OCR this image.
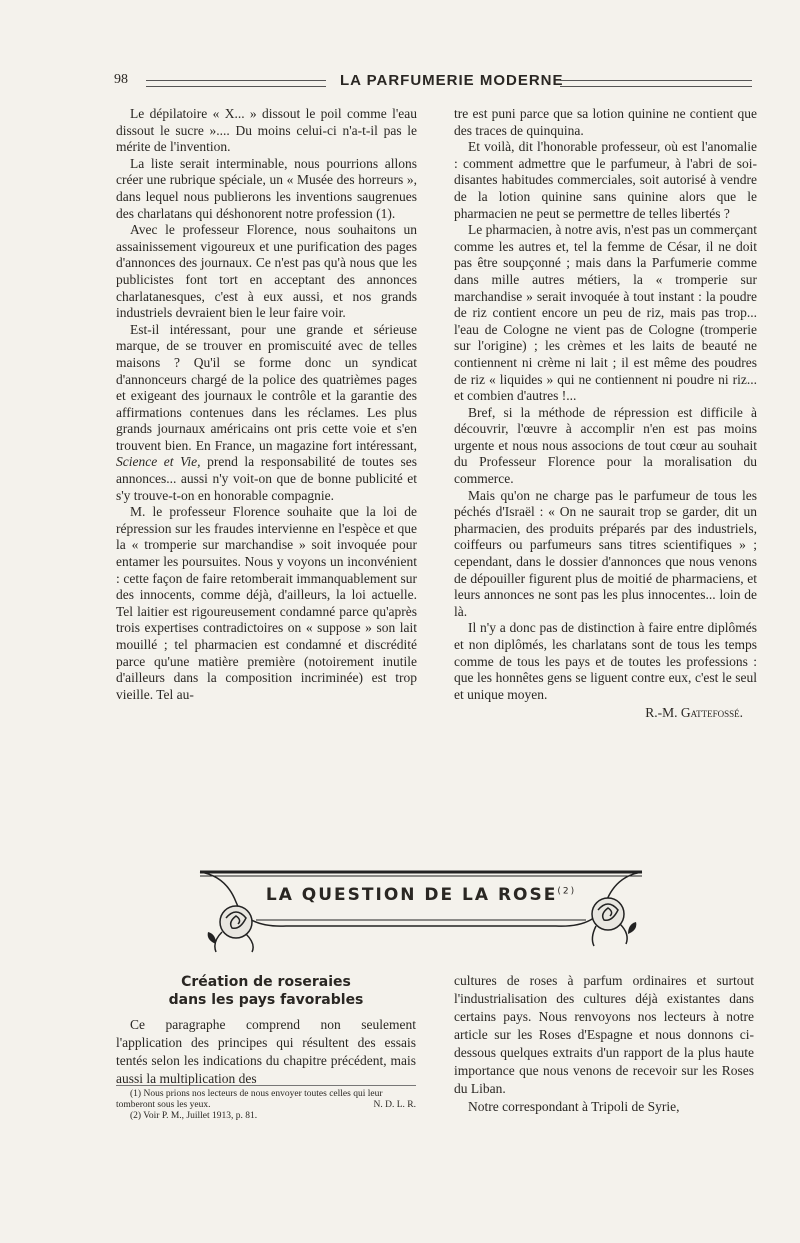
98	LA PARFUMERIE MODERNE

Le dépilatoire « X... » dissout le poil comme l'eau dissout le sucre ».... Du moins celui-ci n'a-t-il pas le mérite de l'invention.

La liste serait interminable, nous pourrions allons créer une rubrique spéciale, un « Musée des horreurs », dans lequel nous publierons les inventions saugrenues des charlatans qui déshonorent notre profession (1).

Avec le professeur Florence, nous souhaitons un assainissement vigoureux et une purification des pages d'annonces des journaux. Ce n'est pas qu'à nous que les publicistes font tort en acceptant des annonces charlatanesques, c'est à eux aussi, et nos grands industriels devraient bien le leur faire voir.

Est-il intéressant, pour une grande et sérieuse marque, de se trouver en promiscuité avec de telles maisons ? Qu'il se forme donc un syndicat d'annonceurs chargé de la police des quatrièmes pages et exigeant des journaux le contrôle et la garantie des affirmations contenues dans les réclames. Les plus grands journaux américains ont pris cette voie et s'en trouvent bien. En France, un magazine fort intéressant, Science et Vie, prend la responsabilité de toutes ses annonces... aussi n'y voit-on que de bonne publicité et s'y trouve-t-on en honorable compagnie.

M. le professeur Florence souhaite que la loi de répression sur les fraudes intervienne en l'espèce et que la « tromperie sur marchandise » soit invoquée pour entamer les poursuites. Nous y voyons un inconvénient : cette façon de faire retomberait immanquablement sur des innocents, comme déjà, d'ailleurs, la loi actuelle. Tel laitier est rigoureusement condamné parce qu'après trois expertises contradictoires on « suppose » son lait mouillé ; tel pharmacien est condamné et discrédité parce qu'une matière première (notoirement inutile d'ailleurs dans la composition incriminée) est trop vieille. Tel au-

tre est puni parce que sa lotion quinine ne contient que des traces de quinquina.

Et voilà, dit l'honorable professeur, où est l'anomalie : comment admettre que le parfumeur, à l'abri de soi-disantes habitudes commerciales, soit autorisé à vendre de la lotion quinine sans quinine alors que le pharmacien ne peut se permettre de telles libertés ?

Le pharmacien, à notre avis, n'est pas un commerçant comme les autres et, tel la femme de César, il ne doit pas être soupçonné ; mais dans la Parfumerie comme dans mille autres métiers, la « tromperie sur marchandise » serait invoquée à tout instant : la poudre de riz contient encore un peu de riz, mais pas trop... l'eau de Cologne ne vient pas de Cologne (tromperie sur l'origine) ; les crèmes et les laits de beauté ne contiennent ni crème ni lait ; il est même des poudres de riz « liquides » qui ne contiennent ni poudre ni riz... et combien d'autres !...

Bref, si la méthode de répression est difficile à découvrir, l'œuvre à accomplir n'en est pas moins urgente et nous nous associons de tout cœur au souhait du Professeur Florence pour la moralisation du commerce.

Mais qu'on ne charge pas le parfumeur de tous les péchés d'Israël : « On ne saurait trop se garder, dit un pharmacien, des produits préparés par des industriels, coiffeurs ou parfumeurs sans titres scientifiques » ; cependant, dans le dossier d'annonces que nous venons de dépouiller figurent plus de moitié de pharmaciens, et leurs annonces ne sont pas les plus innocentes... loin de là.

Il n'y a donc pas de distinction à faire entre diplômés et non diplômés, les charlatans sont de tous les temps comme de tous les pays et de toutes les professions : que les honnêtes gens se liguent contre eux, c'est le seul et unique moyen.

R.-M. Gattefossé.
LA QUESTION DE LA ROSE$^{(2)}$
Création de roseraies
dans les pays favorables

Ce paragraphe comprend non seulement l'application des principes qui résultent des essais tentés selon les indications du chapitre précédent, mais aussi la multiplication des

(1) Nous prions nos lecteurs de nous envoyer toutes celles qui leur tomberont sous les yeux.	N. D. L. R.
(2) Voir P. M., Juillet 1913, p. 81.

cultures de roses à parfum ordinaires et surtout l'industrialisation des cultures déjà existantes dans certains pays. Nous renvoyons nos lecteurs à notre article sur les Roses d'Espagne et nous donnons ci-dessous quelques extraits d'un rapport de la plus haute importance que nous venons de recevoir sur les Roses du Liban.

Notre correspondant à Tripoli de Syrie,
